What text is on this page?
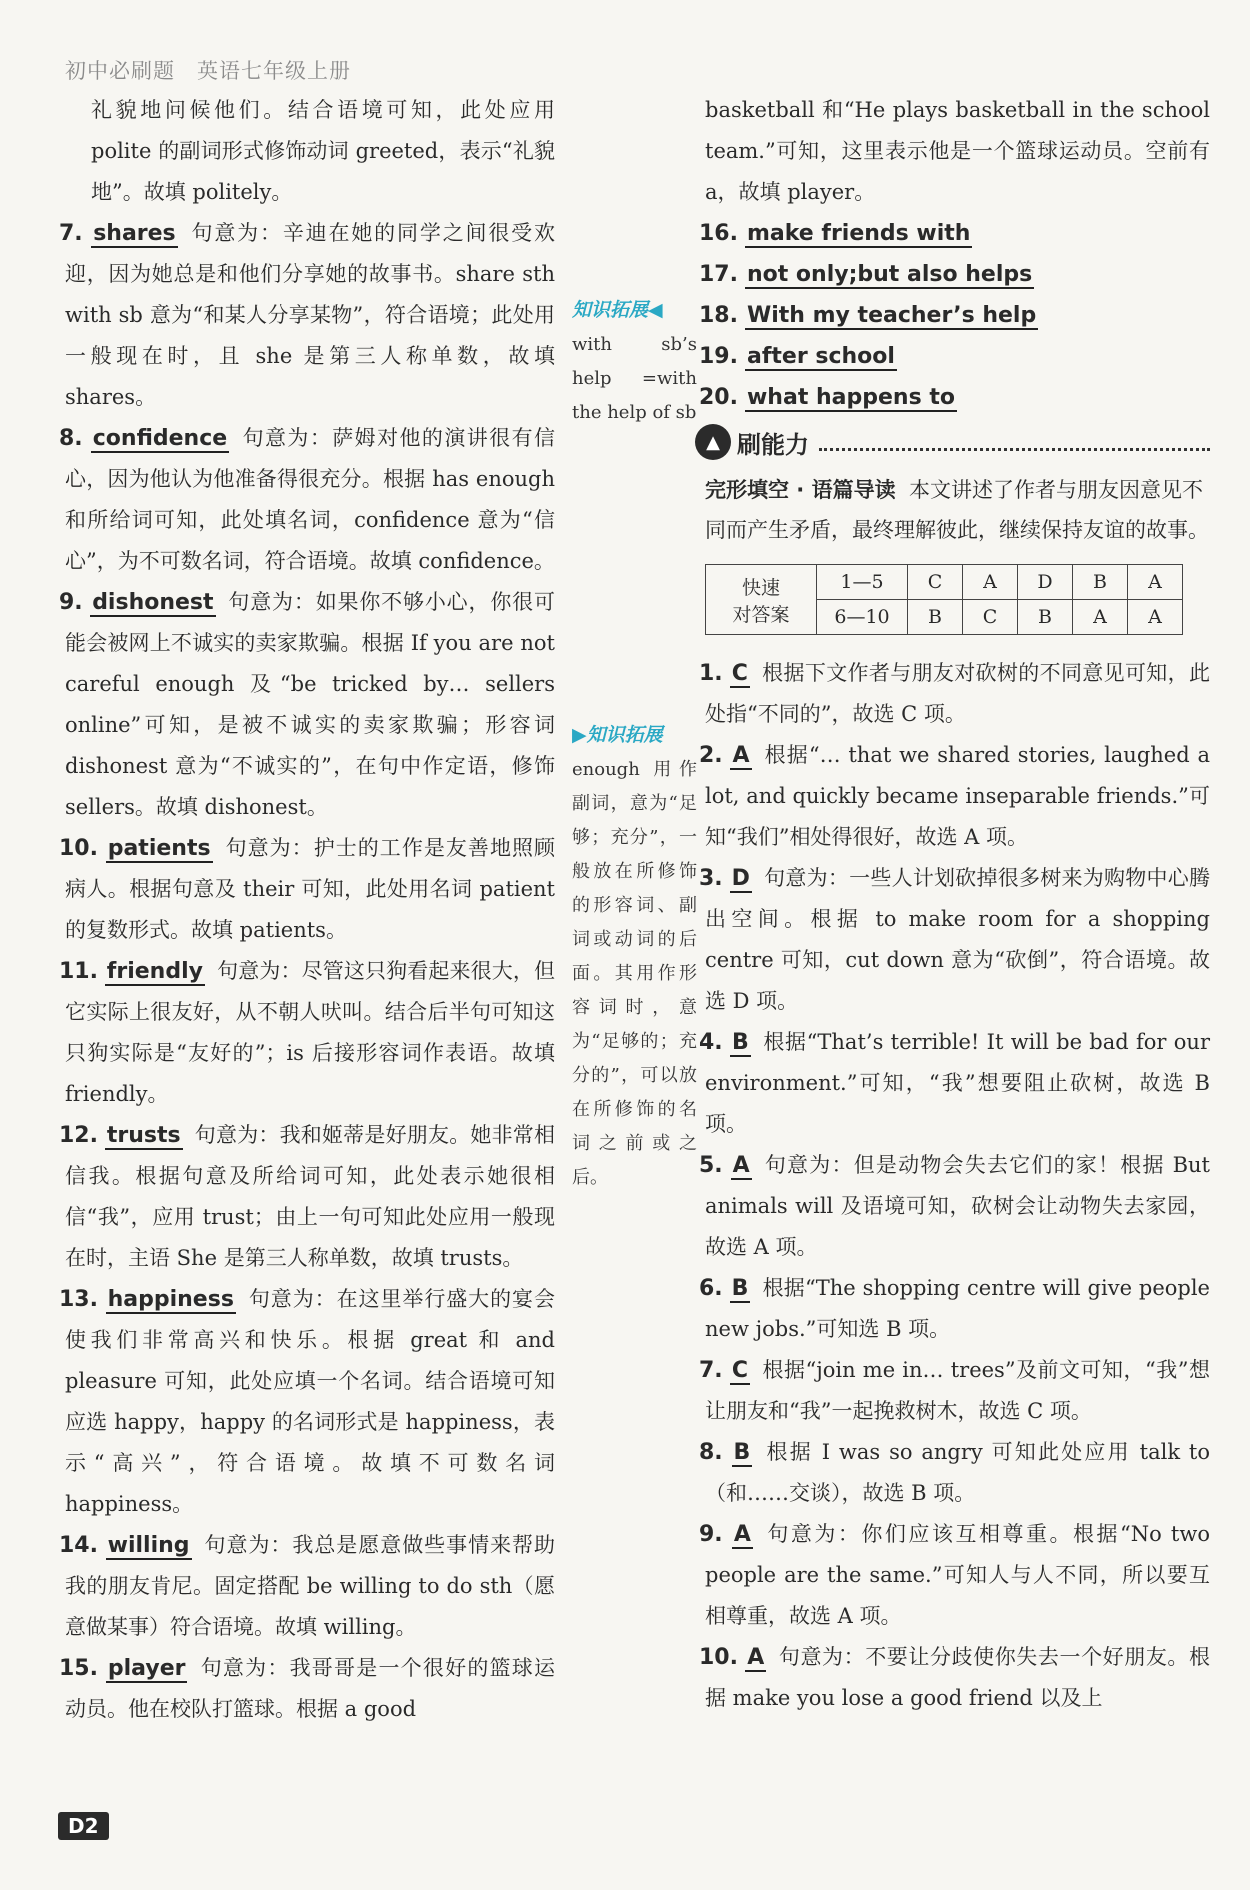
初中必刷题　英语七年级上册

礼貌地问候他们。结合语境可知，此处应用 polite 的副词形式修饰动词 greeted，表示“礼貌地”。故填 politely。

7. shares 句意为：辛迪在她的同学之间很受欢迎，因为她总是和他们分享她的故事书。share sth with sb 意为“和某人分享某物”，符合语境；此处用一般现在时，且 she 是第三人称单数，故填 shares。

8. confidence 句意为：萨姆对他的演讲很有信心，因为他认为他准备得很充分。根据 has enough 和所给词可知，此处填名词，confidence 意为“信心”，为不可数名词，符合语境。故填 confidence。

9. dishonest 句意为：如果你不够小心，你很可能会被网上不诚实的卖家欺骗。根据 If you are not careful enough 及“be tricked by… sellers online”可知，是被不诚实的卖家欺骗；形容词 dishonest 意为“不诚实的”，在句中作定语，修饰 sellers。故填 dishonest。

10. patients 句意为：护士的工作是友善地照顾病人。根据句意及 their 可知，此处用名词 patient 的复数形式。故填 patients。

11. friendly 句意为：尽管这只狗看起来很大，但它实际上很友好，从不朝人吠叫。结合后半句可知这只狗实际是“友好的”；is 后接形容词作表语。故填 friendly。

12. trusts 句意为：我和姬蒂是好朋友。她非常相信我。根据句意及所给词可知，此处表示她很相信“我”，应用 trust；由上一句可知此处应用一般现在时，主语 She 是第三人称单数，故填 trusts。

13. happiness 句意为：在这里举行盛大的宴会使我们非常高兴和快乐。根据 great 和 and pleasure 可知，此处应填一个名词。结合语境可知应选 happy，happy 的名词形式是 happiness，表示“高兴”，符合语境。故填不可数名词 happiness。

14. willing 句意为：我总是愿意做些事情来帮助我的朋友肯尼。固定搭配 be willing to do sth（愿意做某事）符合语境。故填 willing。

15. player 句意为：我哥哥是一个很好的篮球运动员。他在校队打篮球。根据 a good

知识拓展◀

with sb’s help =with the help of sb

▶知识拓展

enough 用作副词，意为“足够；充分”，一般放在所修饰的形容词、副词或动词的后面。其用作形容词时，意为“足够的；充分的”，可以放在所修饰的名词之前或之后。

basketball 和“He plays basketball in the school team.”可知，这里表示他是一个篮球运动员。空前有 a，故填 player。

16. make friends with

17. not only;but also helps

18. With my teacher’s help

19. after school

20. what happens to

▲ 刷能力

完形填空 · 语篇导读 本文讲述了作者与朋友因意见不同而产生矛盾，最终理解彼此，继续保持友谊的故事。

快速
对答案	1—5	C	A	D	B	A
	6—10	B	C	B	A	A

1. C 根据下文作者与朋友对砍树的不同意见可知，此处指“不同的”，故选 C 项。

2. A 根据“… that we shared stories, laughed a lot, and quickly became inseparable friends.”可知“我们”相处得很好，故选 A 项。

3. D 句意为：一些人计划砍掉很多树来为购物中心腾出空间。根据 to make room for a shopping centre 可知，cut down 意为“砍倒”，符合语境。故选 D 项。

4. B 根据“That’s terrible! It will be bad for our environment.”可知，“我”想要阻止砍树，故选 B 项。

5. A 句意为：但是动物会失去它们的家！根据 But animals will 及语境可知，砍树会让动物失去家园，故选 A 项。

6. B 根据“The shopping centre will give people new jobs.”可知选 B 项。

7. C 根据“join me in… trees”及前文可知，“我”想让朋友和“我”一起挽救树木，故选 C 项。

8. B 根据 I was so angry 可知此处应用 talk to（和……交谈），故选 B 项。

9. A 句意为：你们应该互相尊重。根据“No two people are the same.”可知人与人不同，所以要互相尊重，故选 A 项。

10. A 句意为：不要让分歧使你失去一个好朋友。根据 make you lose a good friend 以及上

D2
